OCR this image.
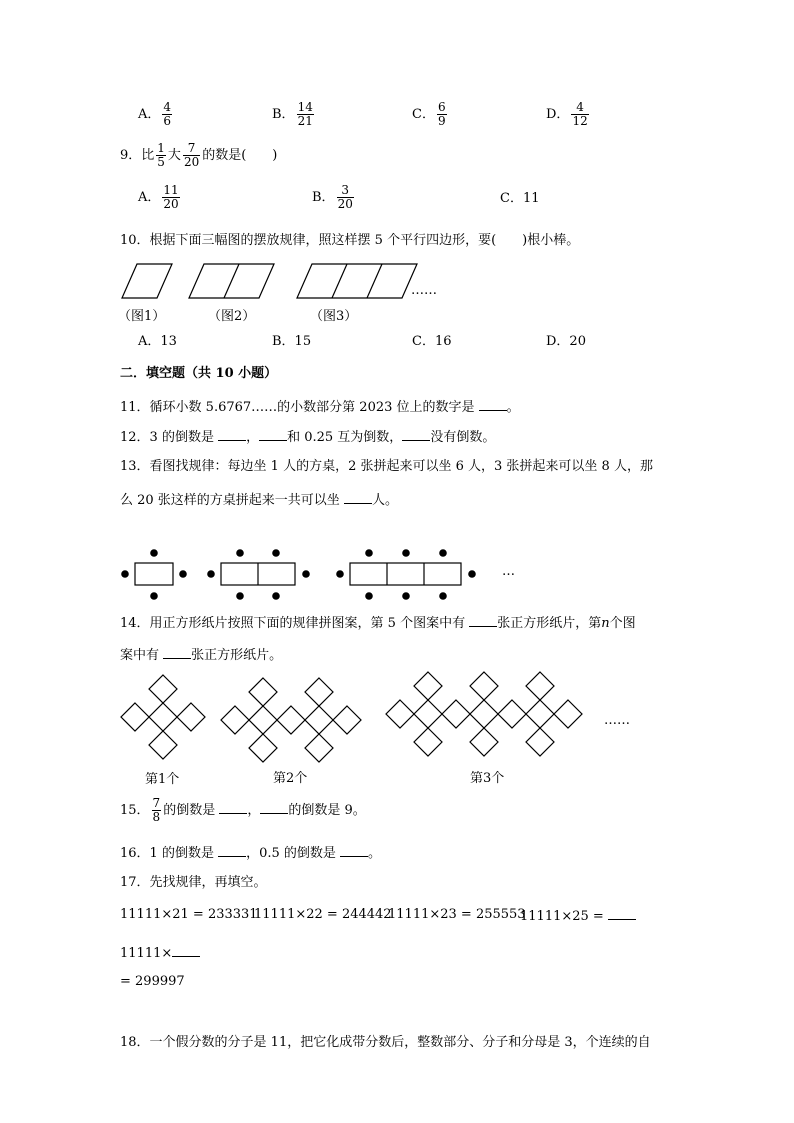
A． $\frac{4}{6}$	B． $\frac{14}{21}$	C． $\frac{6}{9}$	D． $\frac{4}{12}$
9．比 $\frac{1}{5}$ 大 $\frac{7}{20}$ 的数是(　　)
A． $\frac{11}{20}$	B． $\frac{3}{20}$	C．11
10．根据下面三幅图的摆放规律，照这样摆 5 个平行四边形，要(　　)根小棒。
……
（图1）	（图2）	（图3）
A．13	B．15	C．16	D．20
二．填空题（共 10 小题）
11．循环小数 5.6767……的小数部分第 2023 位上的数字是 。
12．3 的倒数是 ， 和 0.25 互为倒数， 没有倒数。
13．看图找规律：每边坐 1 人的方桌，2 张拼起来可以坐 6 人，3 张拼起来可以坐 8 人，那
么 20 张这样的方桌拼起来一共可以坐 人。
…
14．用正方形纸片按照下面的规律拼图案，第 5 个图案中有 张正方形纸片，第n个图
案中有 张正方形纸片。
……
第1个	第2个	第3个
15． $\frac{7}{8}$ 的倒数是 ， 的倒数是 9。
16．1 的倒数是 ，0.5 的倒数是 。
17．先找规律，再填空。
11111×21 = 233331
11111×22 = 244442
11111×23 = 255553
11111×25 =
11111×
= 299997
18．一个假分数的分子是 11，把它化成带分数后，整数部分、分子和分母是 3，个连续的自
